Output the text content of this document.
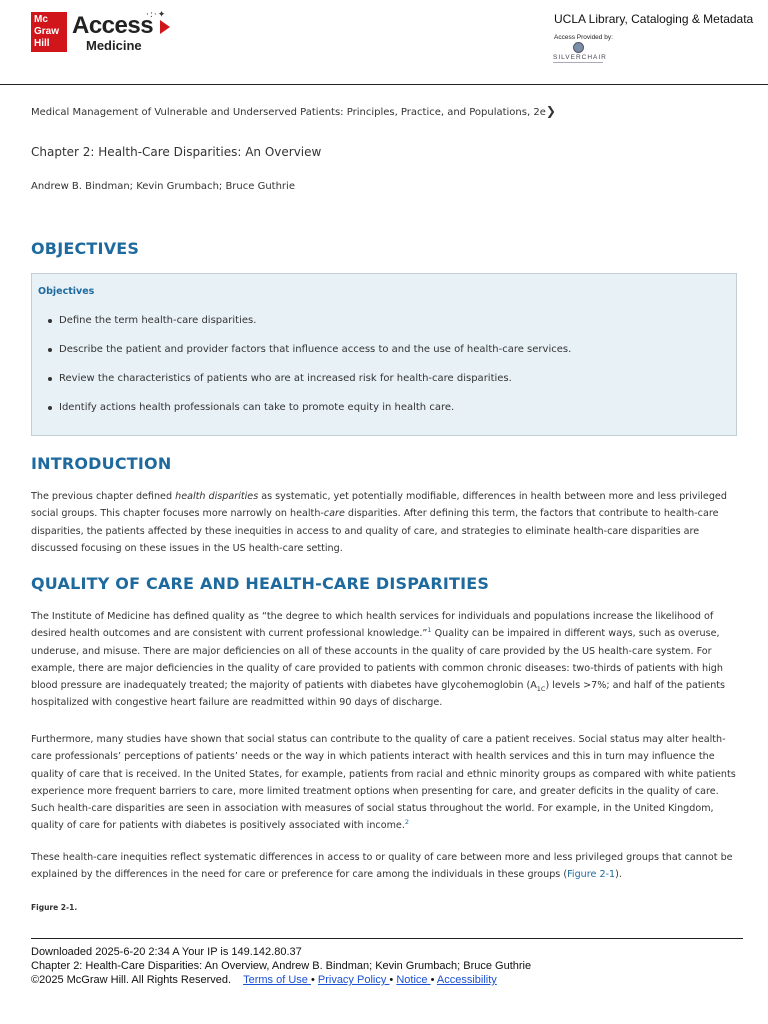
Mc
Graw
Hill
Access
·:·✦
Medicine
UCLA Library, Cataloging & Metadata
Access Provided by:
SILVERCHAIR
Medical Management of Vulnerable and Underserved Patients: Principles, Practice, and Populations, 2e❯
Chapter 2: Health-Care Disparities: An Overview
Andrew B. Bindman; Kevin Grumbach; Bruce Guthrie
OBJECTIVES
Objectives
Define the term health-care disparities.
Describe the patient and provider factors that influence access to and the use of health-care services.
Review the characteristics of patients who are at increased risk for health-care disparities.
Identify actions health professionals can take to promote equity in health care.
INTRODUCTION

The previous chapter defined health disparities as systematic, yet potentially modifiable, differences in health between more and less privileged social groups. This chapter focuses more narrowly on health-care disparities. After defining this term, the factors that contribute to health-care disparities, the patients affected by these inequities in access to and quality of care, and strategies to eliminate health-care disparities are discussed focusing on these issues in the US health-care setting.

QUALITY OF CARE AND HEALTH-CARE DISPARITIES

The Institute of Medicine has defined quality as “the degree to which health services for individuals and populations increase the likelihood of desired health outcomes and are consistent with current professional knowledge.”$^1$ Quality can be impaired in different ways, such as overuse, underuse, and misuse. There are major deficiencies on all of these accounts in the quality of care provided by the US health-care system. For example, there are major deficiencies in the quality of care provided to patients with common chronic diseases: two-thirds of patients with high blood pressure are inadequately treated; the majority of patients with diabetes have glycohemoglobin $(A_{1C})$ levels >7%; and half of the patients hospitalized with congestive heart failure are readmitted within 90 days of discharge.

Furthermore, many studies have shown that social status can contribute to the quality of care a patient receives. Social status may alter health-care professionals’ perceptions of patients’ needs or the way in which patients interact with health services and this in turn may influence the quality of care that is received. In the United States, for example, patients from racial and ethnic minority groups as compared with white patients experience more frequent barriers to care, more limited treatment options when presenting for care, and greater deficits in the quality of care. Such health-care disparities are seen in association with measures of social status throughout the world. For example, in the United Kingdom, quality of care for patients with diabetes is positively associated with income.$^2$

These health-care inequities reflect systematic differences in access to or quality of care between more and less privileged groups that cannot be explained by the differences in the need for care or preference for care among the individuals in these groups (Figure 2-1).

Figure 2-1.
Downloaded 2025-6-20 2:34 A Your IP is 149.142.80.37
Chapter 2: Health-Care Disparities: An Overview, Andrew B. Bindman; Kevin Grumbach; Bruce Guthrie
©2025 McGraw Hill. All Rights Reserved. Terms of Use • Privacy Policy • Notice • Accessibility
